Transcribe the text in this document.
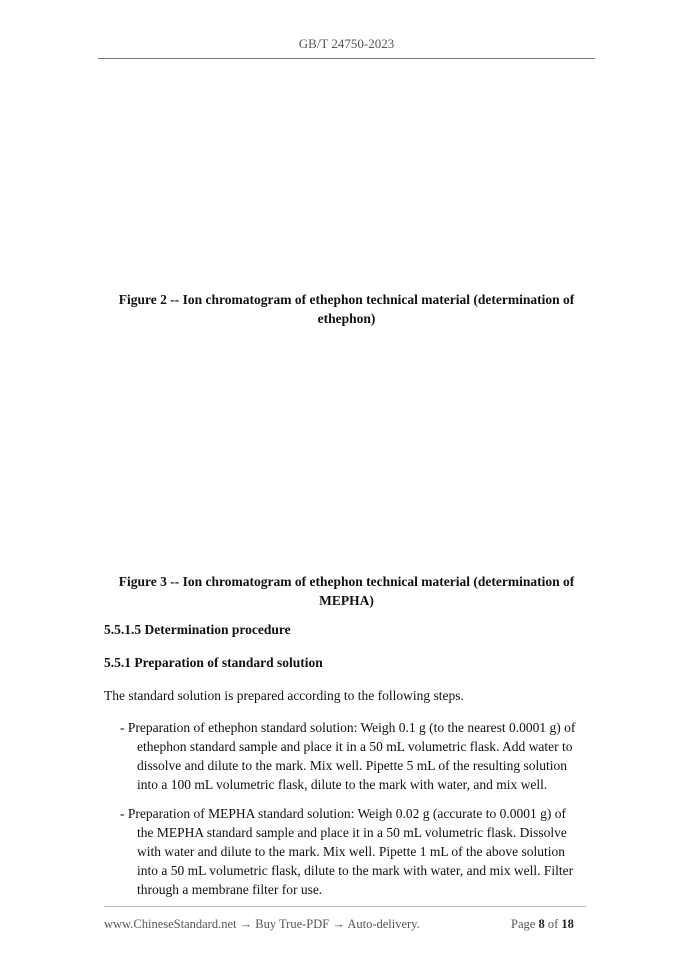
GB/T 24750-2023
Figure 2 -- Ion chromatogram of ethephon technical material (determination of
ethephon)
Figure 3 -- Ion chromatogram of ethephon technical material (determination of
MEPHA)
5.5.1.5 Determination procedure
5.5.1 Preparation of standard solution
The standard solution is prepared according to the following steps.
- Preparation of ethephon standard solution: Weigh 0.1 g (to the nearest 0.0001 g) of
ethephon standard sample and place it in a 50 mL volumetric flask. Add water to
dissolve and dilute to the mark. Mix well. Pipette 5 mL of the resulting solution
into a 100 mL volumetric flask, dilute to the mark with water, and mix well.
- Preparation of MEPHA standard solution: Weigh 0.02 g (accurate to 0.0001 g) of
the MEPHA standard sample and place it in a 50 mL volumetric flask. Dissolve
with water and dilute to the mark. Mix well. Pipette 1 mL of the above solution
into a 50 mL volumetric flask, dilute to the mark with water, and mix well. Filter
through a membrane filter for use.
www.ChineseStandard.net → Buy True-PDF → Auto-delivery.	Page 8 of 18
